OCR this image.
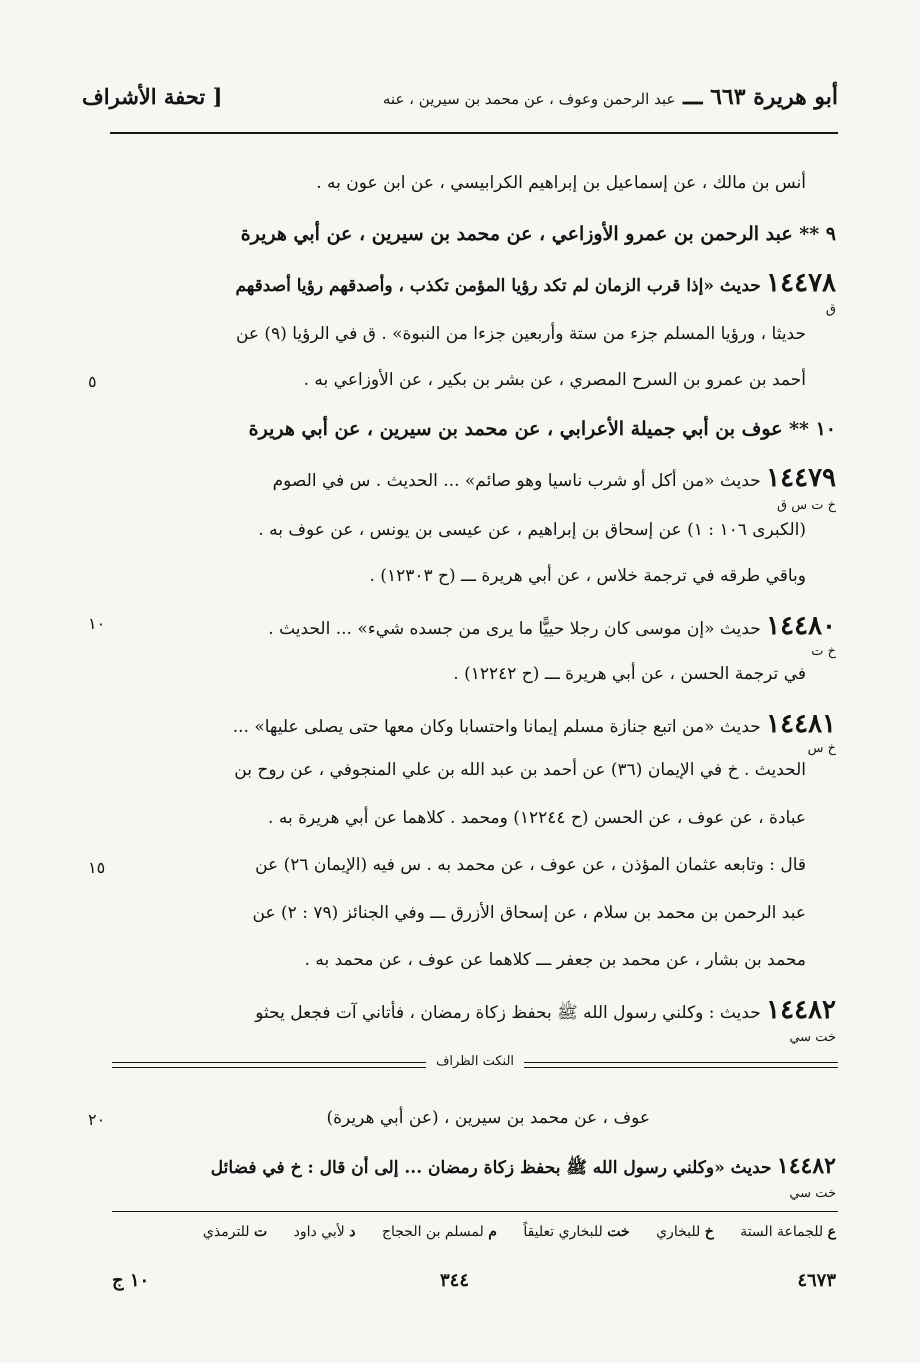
أبو هريرة ٦٦٣ ـــ عبد الرحمن وعوف ، عن محمد بن سيرين ، عنه
[ تحفة الأشراف
أنس بن مالك ، عن إسماعيل بن إبراهيم الكرابيسي ، عن ابن عون به .
٩ ** عبد الرحمن بن عمرو الأوزاعي ، عن محمد بن سيرين ، عن أبي هريرة
١٤٤٧٨ حديث «إذا قرب الزمان لم تكد رؤيا المؤمن تكذب ، وأصدقهم رؤيا أصدقهم
ق
حديثا ، ورؤيا المسلم جزء من ستة وأربعين جزءا من النبوة» . ق في الرؤيا (٩) عن
أحمد بن عمرو بن السرح المصري ، عن بشر بن بكير ، عن الأوزاعي به .
١٠ ** عوف بن أبي جميلة الأعرابي ، عن محمد بن سيرين ، عن أبي هريرة
١٤٤٧٩ حديث «من أكل أو شرب ناسيا وهو صائم» ... الحديث . س في الصوم
خ ت س ق
(الكبرى ١٠٦ : ١) عن إسحاق بن إبراهيم ، عن عيسى بن يونس ، عن عوف به .
وباقي طرقه في ترجمة خلاس ، عن أبي هريرة ـــ (ح ١٢٣٠٣) .
١٤٤٨٠ حديث «إن موسى كان رجلا حييًّا ما يرى من جسده شيء» ... الحديث .
خ ت
في ترجمة الحسن ، عن أبي هريرة ـــ (ح ١٢٢٤٢) .
١٤٤٨١ حديث «من اتبع جنازة مسلم إيمانا واحتسابا وكان معها حتى يصلى عليها» ...
خ س
الحديث . خ في الإيمان (٣٦) عن أحمد بن عبد الله بن علي المنجوفي ، عن روح بن
عبادة ، عن عوف ، عن الحسن (ح ١٢٢٤٤) ومحمد . كلاهما عن أبي هريرة به .
قال : وتابعه عثمان المؤذن ، عن عوف ، عن محمد به . س فيه (الإيمان ٢٦) عن
عبد الرحمن بن محمد بن سلام ، عن إسحاق الأزرق ـــ وفي الجنائز (٧٩ : ٢) عن
محمد بن بشار ، عن محمد بن جعفر ـــ كلاهما عن عوف ، عن محمد به .
١٤٤٨٢ حديث : وكلني رسول الله ﷺ بحفظ زكاة رمضان ، فأتاني آت فجعل يحثو
خت سي
النكت الظراف
عوف ، عن محمد بن سيرين ، (عن أبي هريرة)
١٤٤٨٢ حديث «وكلني رسول الله ﷺ بحفظ زكاة رمضان ... إلى أن قال : خ في فضائل
خت سي
٥
١٠
١٥
٢٠
ع للجماعة الستة خ للبخاري خت للبخاري تعليقاً م لمسلم بن الحجاج د لأبي داود ت للترمذي
١٠ ج	٣٤٤	٤٦٧٣
